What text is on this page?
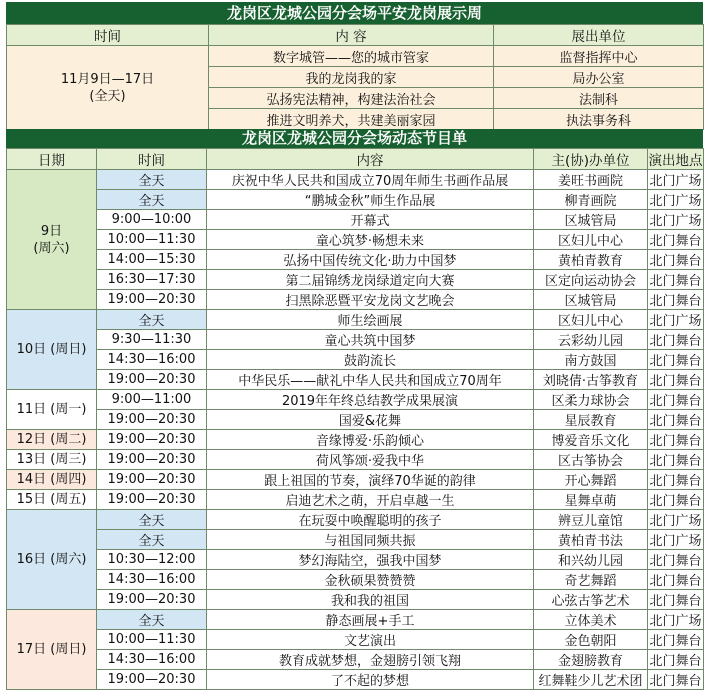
龙岗区龙城公园分会场平安龙岗展示周
时间	内 容	展出单位

11月9日—17日
(全天)	数字城管——您的城市管家	监督指挥中心
	我的龙岗我的家	局办公室
	弘扬宪法精神，构建法治社会	法制科
	推进文明养犬，共建美丽家园	执法事务科
龙岗区龙城公园分会场动态节目单
日期	时间	内容	主(协)办单位	演出地点

9日
(周六)	全天	庆祝中华人民共和国成立70周年师生书画作品展	姜旺书画院	北门广场
	全天	“鹏城金秋”师生作品展	柳青画院	北门广场
	9:00—10:00	开幕式	区城管局	北门广场
	10:00—11:30	童心筑梦·畅想未来	区妇儿中心	北门舞台
	14:00—15:30	弘扬中国传统文化·助力中国梦	黄柏青教育	北门舞台
	16:30—17:30	第二届锦绣龙岗绿道定向大赛	区定向运动协会	北门舞台
	19:00—20:30	扫黑除恶暨平安龙岗文艺晚会	区城管局	北门舞台

10日 (周日)	全天	师生绘画展	区妇儿中心	北门广场
	9:30—11:30	童心共筑中国梦	云彩幼儿园	北门舞台
	14:30—16:00	鼓韵流长	南方鼓国	北门舞台
	19:00—20:30	中华民乐——献礼中华人民共和国成立70周年	刘晓倩·古筝教育	北门舞台

11日 (周一)	9:00—11:00	2019年年终总结教学成果展演	区柔力球协会	北门舞台
	19:00—20:30	国爱&花舞	星辰教育	北门舞台

12日 (周二)	19:00—20:30	音缘博爱·乐韵倾心	博爱音乐文化	北门舞台

13日 (周三)	19:00—20:30	荷风筝颂·爱我中华	区古筝协会	北门舞台

14日 (周四)	19:00—20:30	跟上祖国的节奏，演绎70华诞的韵律	开心舞蹈	北门舞台

15日 (周五)	19:00—20:30	启迪艺术之萌，开启卓越一生	星舞卓萌	北门舞台

16日 (周六)	全天	在玩耍中唤醒聪明的孩子	辨豆儿童馆	北门广场
	全天	与祖国同频共振	黄柏青书法	北门广场
	10:30—12:00	梦幻海陆空，强我中国梦	和兴幼儿园	北门舞台
	14:30—16:00	金秋硕果赞赞赞	奇艺舞蹈	北门舞台
	19:00—20:30	我和我的祖国	心弦古筝艺术	北门舞台

17日 (周日)	全天	静态画展+手工	立体美术	北门广场
	10:00—11:30	文艺演出	金色朝阳	北门舞台
	14:30—16:00	教育成就梦想，金翅膀引领飞翔	金翅膀教育	北门舞台
	19:00—20:30	了不起的梦想	红舞鞋少儿艺术团	北门舞台
